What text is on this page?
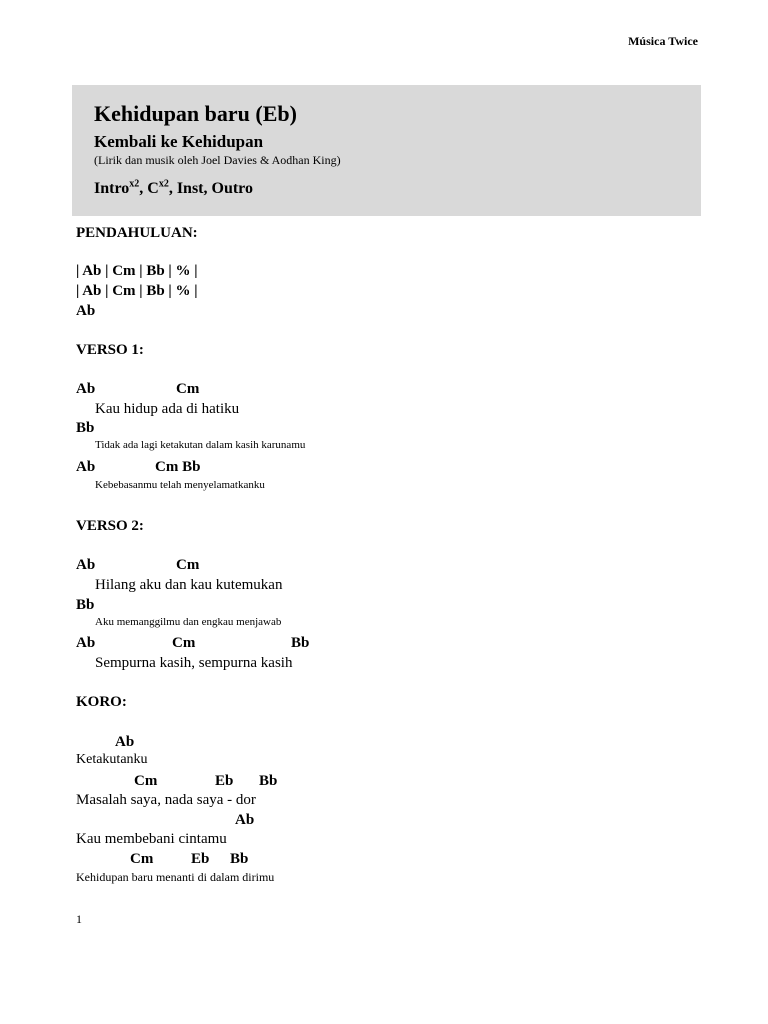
Música Twice
Kehidupan baru (Eb)
Kembali ke Kehidupan
(Lirik dan musik oleh Joel Davies & Aodhan King)
Intro$^{x2}$, $C^{x2}$, Inst, Outro
PENDAHULUAN:
| Ab | Cm | Bb | % |
| Ab | Cm | Bb | % |
Ab
VERSO 1:
Ab	Cm
Kau hidup ada di hatiku
Bb
Tidak ada lagi ketakutan dalam kasih karunamu
Ab	Cm Bb
Kebebasanmu telah menyelamatkanku
VERSO 2:
Ab	Cm
Hilang aku dan kau kutemukan
Bb
Aku memanggilmu dan engkau menjawab
Ab	Cm	Bb
Sempurna kasih, sempurna kasih
KORO:
Ab
Ketakutanku
Cm	Eb Bb
Masalah saya, nada saya - dor
Ab
Kau membebani cintamu
Cm	Eb Bb
Kehidupan baru menanti di dalam dirimu
1
